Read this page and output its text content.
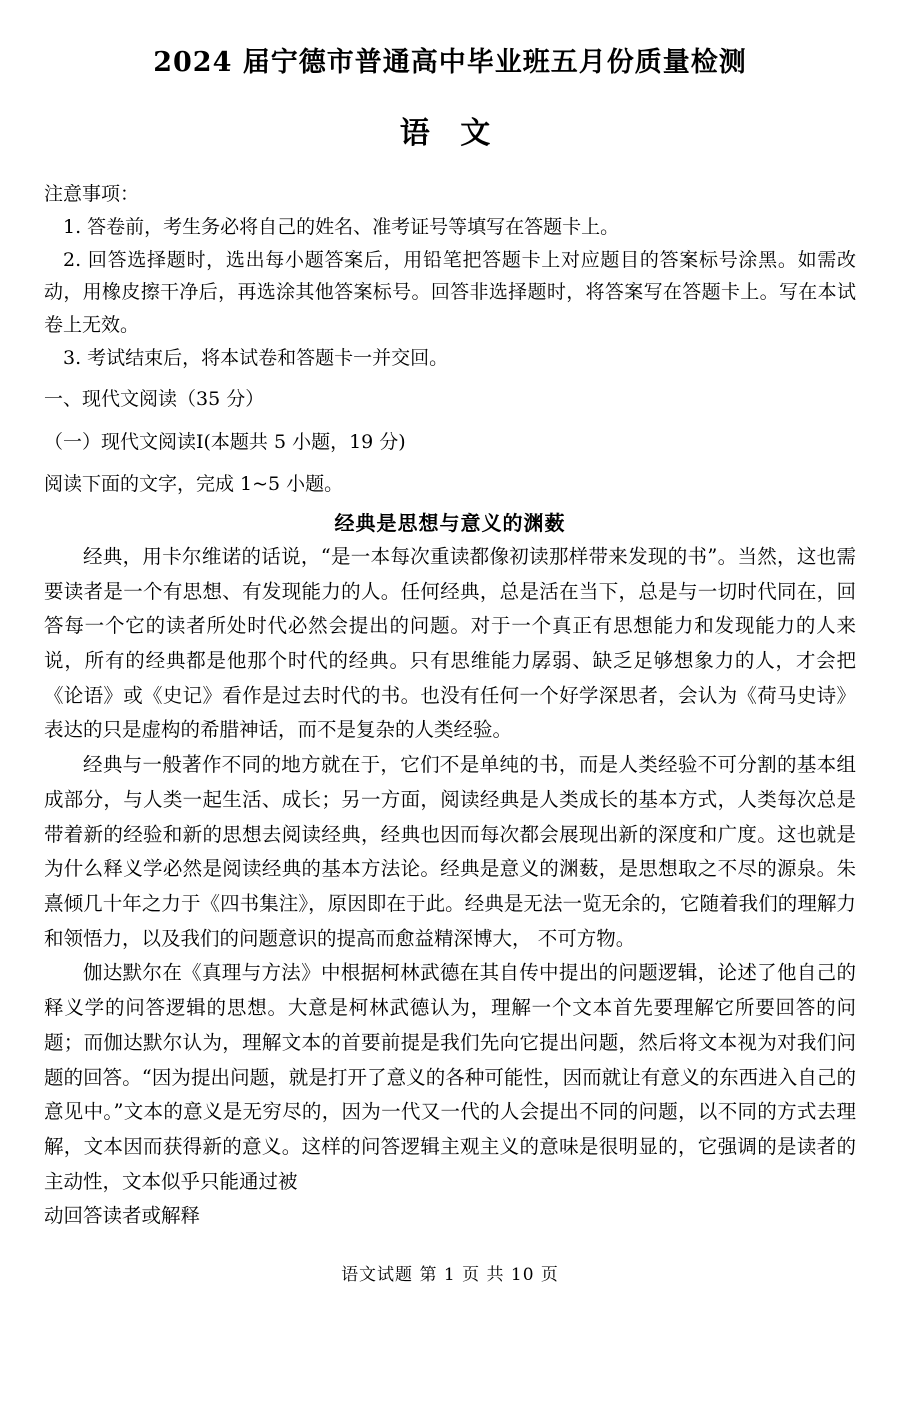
2024 届宁德市普通高中毕业班五月份质量检测
语 文

注意事项：

1. 答卷前，考生务必将自己的姓名、准考证号等填写在答题卡上。

2. 回答选择题时，选出每小题答案后，用铅笔把答题卡上对应题目的答案标号涂黑。如需改动，用橡皮擦干净后，再选涂其他答案标号。回答非选择题时，将答案写在答题卡上。写在本试卷上无效。

3. 考试结束后，将本试卷和答题卡一并交回。

一、现代文阅读（35 分）

（一）现代文阅读Ⅰ(本题共 5 小题，19 分)

阅读下面的文字，完成 1~5 小题。

经典是思想与意义的渊薮

经典，用卡尔维诺的话说，“是一本每次重读都像初读那样带来发现的书”。当然，这也需要读者是一个有思想、有发现能力的人。任何经典，总是活在当下，总是与一切时代同在，回答每一个它的读者所处时代必然会提出的问题。对于一个真正有思想能力和发现能力的人来说，所有的经典都是他那个时代的经典。只有思维能力孱弱、缺乏足够想象力的人，才会把《论语》或《史记》看作是过去时代的书。也没有任何一个好学深思者，会认为《荷马史诗》表达的只是虚构的希腊神话，而不是复杂的人类经验。

经典与一般著作不同的地方就在于，它们不是单纯的书，而是人类经验不可分割的基本组成部分，与人类一起生活、成长；另一方面，阅读经典是人类成长的基本方式，人类每次总是带着新的经验和新的思想去阅读经典，经典也因而每次都会展现出新的深度和广度。这也就是为什么释义学必然是阅读经典的基本方法论。经典是意义的渊薮，是思想取之不尽的源泉。朱熹倾几十年之力于《四书集注》，原因即在于此。经典是无法一览无余的，它随着我们的理解力和领悟力，以及我们的问题意识的提高而愈益精深博大， 不可方物。

伽达默尔在《真理与方法》中根据柯林武德在其自传中提出的问题逻辑，论述了他自己的释义学的问答逻辑的思想。大意是柯林武德认为，理解一个文本首先要理解它所要回答的问题；而伽达默尔认为，理解文本的首要前提是我们先向它提出问题，然后将文本视为对我们问题的回答。“因为提出问题，就是打开了意义的各种可能性，因而就让有意义的东西进入自己的意见中。”文本的意义是无穷尽的，因为一代又一代的人会提出不同的问题，以不同的方式去理解，文本因而获得新的意义。这样的问答逻辑主观主义的意味是很明显的，它强调的是读者的主动性，文本似乎只能通过被

动回答读者或解释

语文试题 第 1 页 共 10 页
